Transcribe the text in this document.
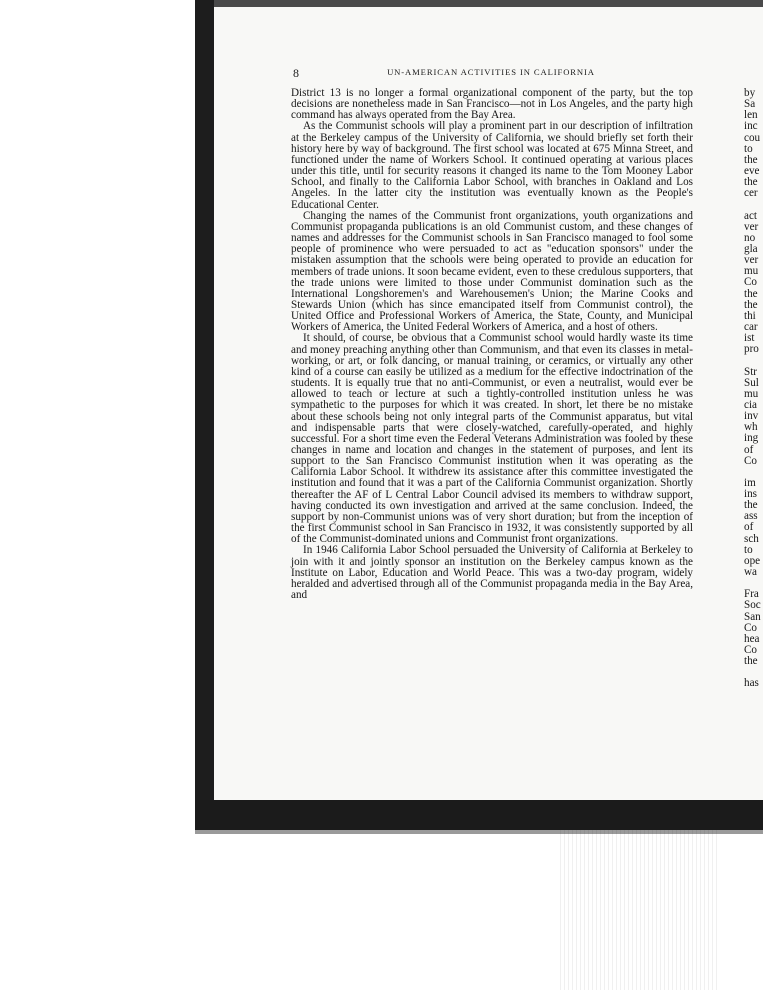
8	UN-AMERICAN ACTIVITIES IN CALIFORNIA

District 13 is no longer a formal organizational component of the party, but the top decisions are nonetheless made in San Francisco—not in Los Angeles, and the party high command has always operated from the Bay Area.

As the Communist schools will play a prominent part in our description of infiltration at the Berkeley campus of the University of California, we should briefly set forth their history here by way of background. The first school was located at 675 Minna Street, and functioned under the name of Workers School. It continued operating at various places under this title, until for security reasons it changed its name to the Tom Mooney Labor School, and finally to the California Labor School, with branches in Oakland and Los Angeles. In the latter city the institution was eventually known as the People's Educational Center.

Changing the names of the Communist front organizations, youth organizations and Communist propaganda publications is an old Communist custom, and these changes of names and addresses for the Communist schools in San Francisco managed to fool some people of prominence who were persuaded to act as "education sponsors" under the mistaken assumption that the schools were being operated to provide an education for members of trade unions. It soon became evident, even to these credulous supporters, that the trade unions were limited to those under Communist domination such as the International Longshoremen's and Warehousemen's Union; the Marine Cooks and Stewards Union (which has since emancipated itself from Communist control), the United Office and Professional Workers of America, the State, County, and Municipal Workers of America, the United Federal Workers of America, and a host of others.

It should, of course, be obvious that a Communist school would hardly waste its time and money preaching anything other than Communism, and that even its classes in metal-working, or art, or folk dancing, or manual training, or ceramics, or virtually any other kind of a course can easily be utilized as a medium for the effective indoctrination of the students. It is equally true that no anti-Communist, or even a neutralist, would ever be allowed to teach or lecture at such a tightly-controlled institution unless he was sympathetic to the purposes for which it was created. In short, let there be no mistake about these schools being not only integral parts of the Communist apparatus, but vital and indispensable parts that were closely-watched, carefully-operated, and highly successful. For a short time even the Federal Veterans Administration was fooled by these changes in name and location and changes in the statement of purposes, and lent its support to the San Francisco Communist institution when it was operating as the California Labor School. It withdrew its assistance after this committee investigated the institution and found that it was a part of the California Communist organization. Shortly thereafter the AF of L Central Labor Council advised its members to withdraw support, having conducted its own investigation and arrived at the same conclusion. Indeed, the support by non-Communist unions was of very short duration; but from the inception of the first Communist school in San Francisco in 1932, it was consistently supported by all of the Communist-dominated unions and Communist front organizations.

In 1946 California Labor School persuaded the University of California at Berkeley to join with it and jointly sponsor an institution on the Berkeley campus known as the Institute on Labor, Education and World Peace. This was a two-day program, widely heralded and advertised through all of the Communist propaganda media in the Bay Area, and

by
Sa
len
inc
cou
to
the
eve
the
cer
act
ver
no
gla
ver
mu
Co
the
the
thi
car
ist
pro
Str
Sul
mu
cia
inv
wh
ing
of
Co
im
ins
the
ass
of
sch
to
ope
wa
Fra
Soc
San
Co
hea
Co
the
has
